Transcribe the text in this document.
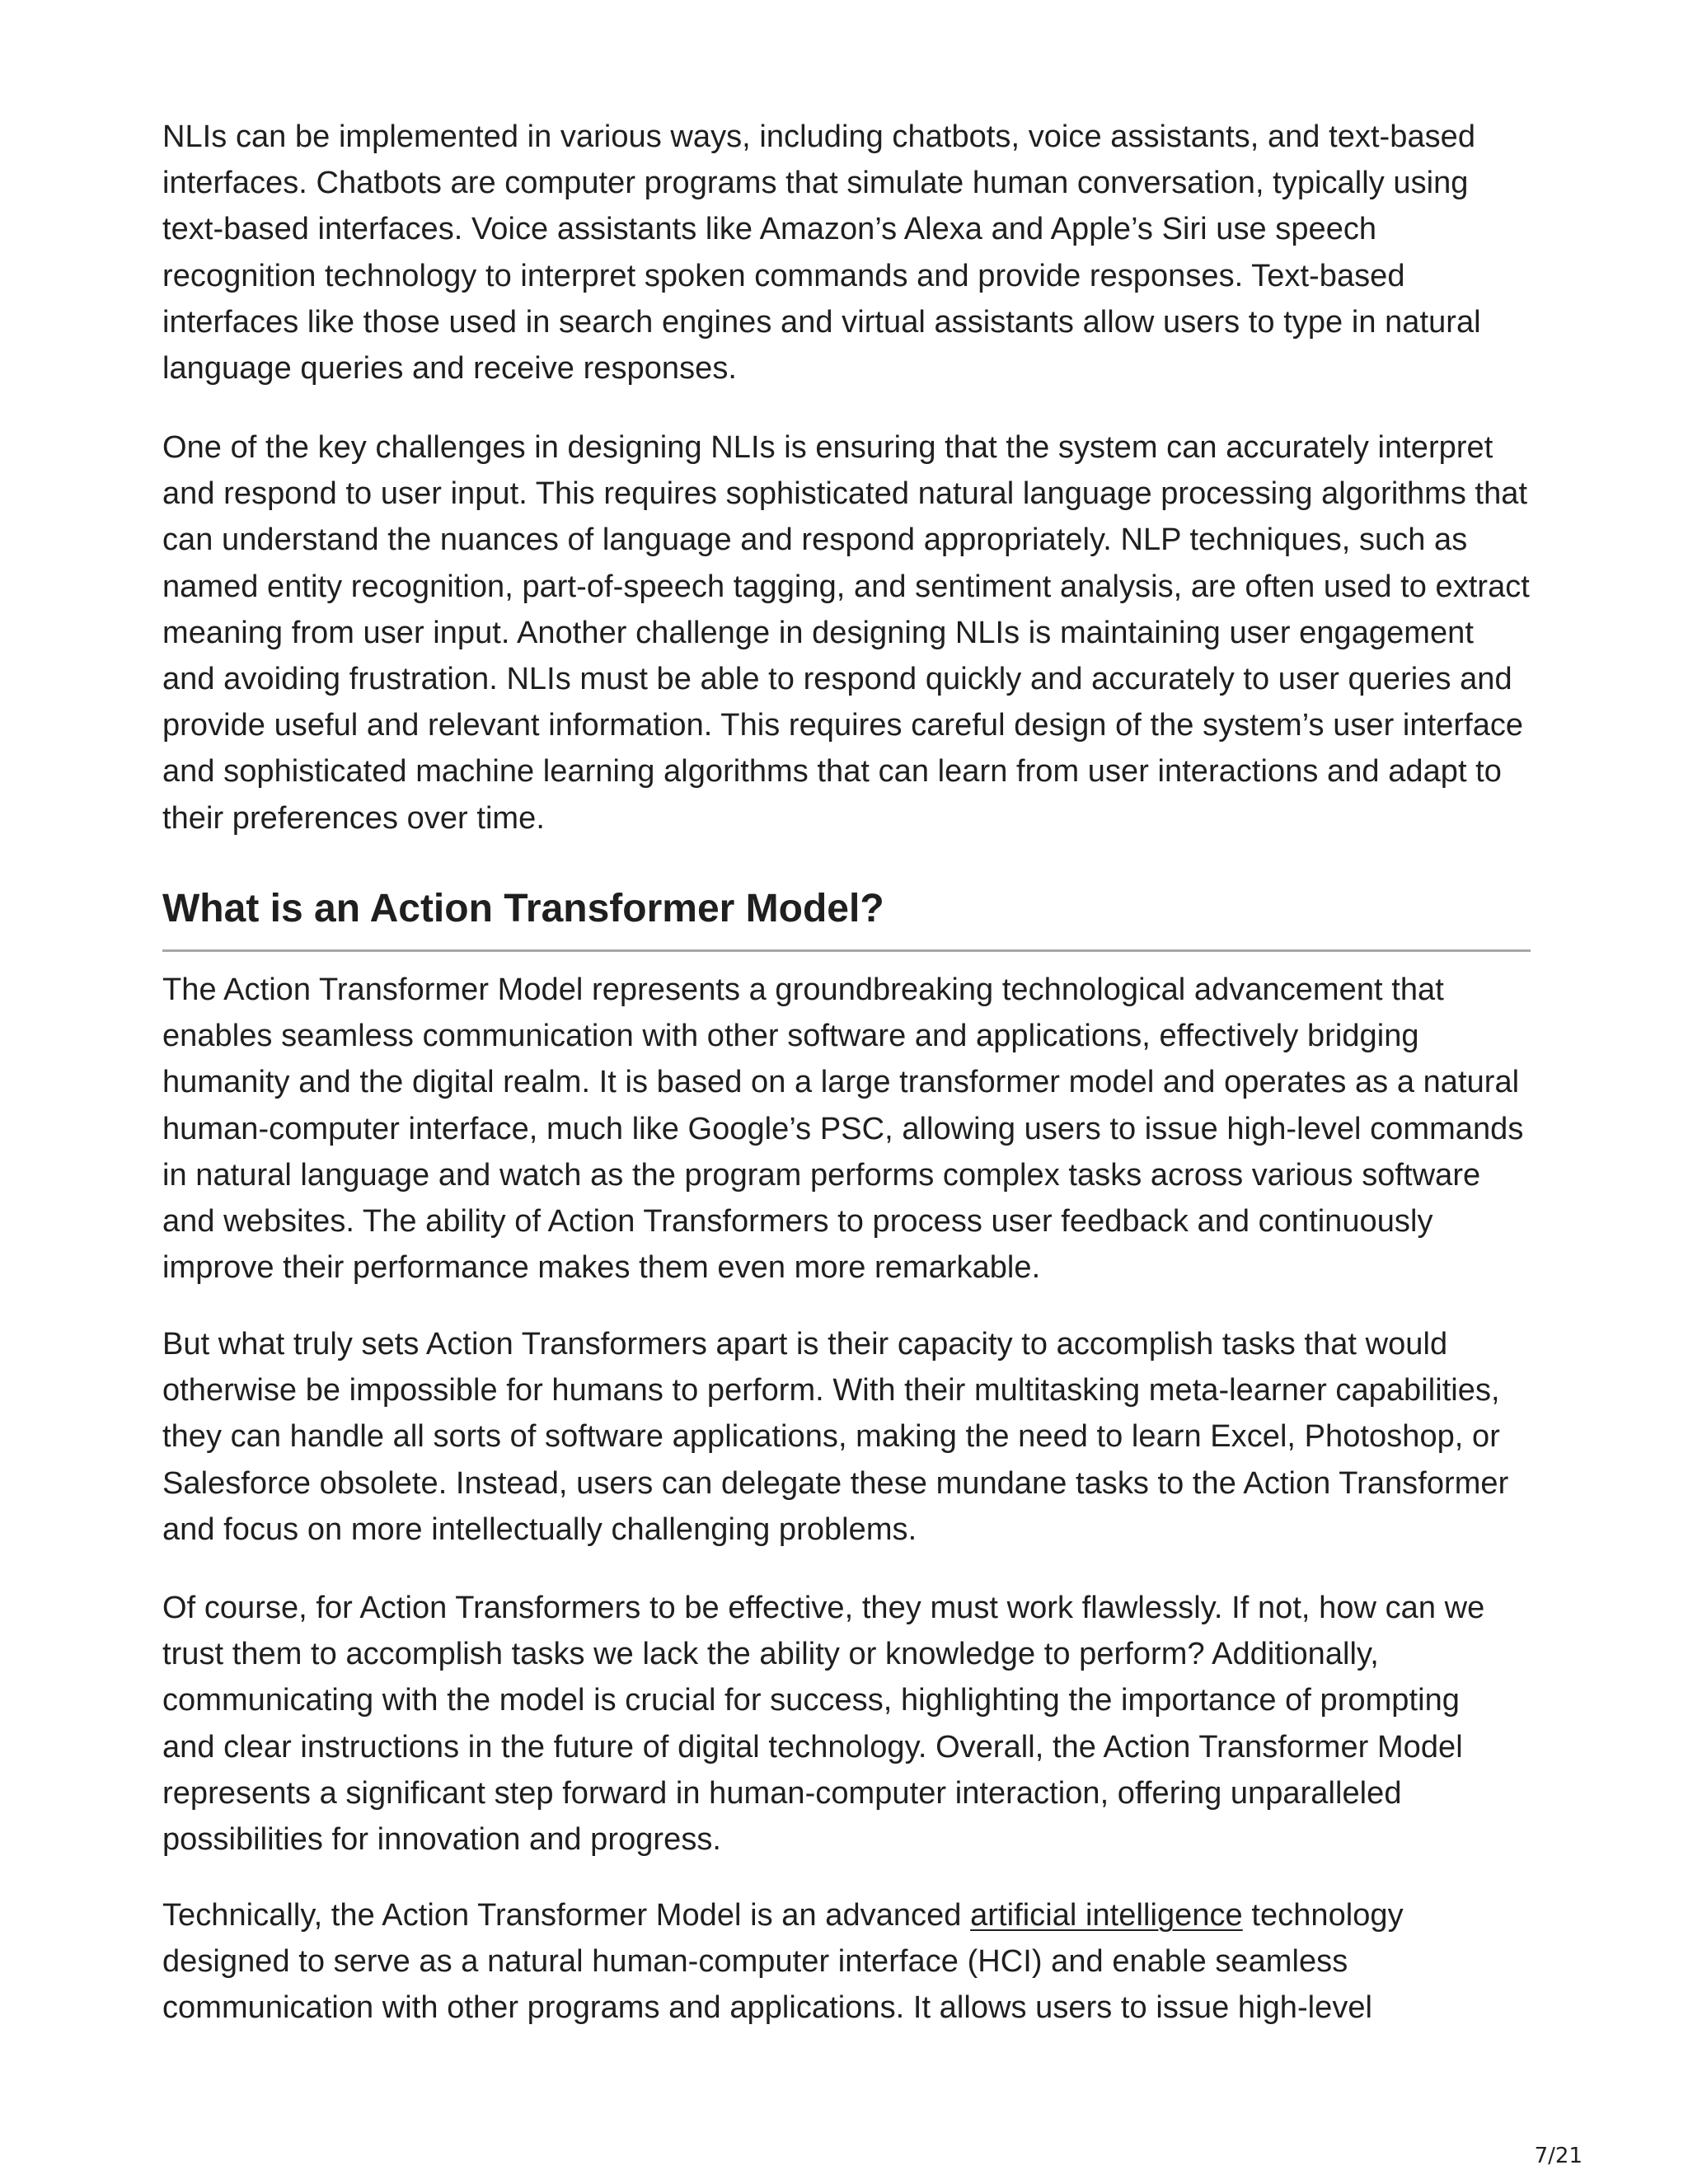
NLIs can be implemented in various ways, including chatbots, voice assistants, and text-based interfaces. Chatbots are computer programs that simulate human conversation, typically using text-based interfaces. Voice assistants like Amazon’s Alexa and Apple’s Siri use speech recognition technology to interpret spoken commands and provide responses. Text-based interfaces like those used in search engines and virtual assistants allow users to type in natural language queries and receive responses.

One of the key challenges in designing NLIs is ensuring that the system can accurately interpret and respond to user input. This requires sophisticated natural language processing algorithms that can understand the nuances of language and respond appropriately. NLP techniques, such as named entity recognition, part-of-speech tagging, and sentiment analysis, are often used to extract meaning from user input. Another challenge in designing NLIs is maintaining user engagement and avoiding frustration. NLIs must be able to respond quickly and accurately to user queries and provide useful and relevant information. This requires careful design of the system’s user interface and sophisticated machine learning algorithms that can learn from user interactions and adapt to their preferences over time.

What is an Action Transformer Model?

The Action Transformer Model represents a groundbreaking technological advancement that enables seamless communication with other software and applications, effectively bridging humanity and the digital realm. It is based on a large transformer model and operates as a natural human-computer interface, much like Google’s PSC, allowing users to issue high-level commands in natural language and watch as the program performs complex tasks across various software and websites. The ability of Action Transformers to process user feedback and continuously improve their performance makes them even more remarkable.

But what truly sets Action Transformers apart is their capacity to accomplish tasks that would otherwise be impossible for humans to perform. With their multitasking meta-learner capabilities, they can handle all sorts of software applications, making the need to learn Excel, Photoshop, or Salesforce obsolete. Instead, users can delegate these mundane tasks to the Action Transformer and focus on more intellectually challenging problems.

Of course, for Action Transformers to be effective, they must work flawlessly. If not, how can we trust them to accomplish tasks we lack the ability or knowledge to perform? Additionally, communicating with the model is crucial for success, highlighting the importance of prompting and clear instructions in the future of digital technology. Overall, the Action Transformer Model represents a significant step forward in human-computer interaction, offering unparalleled possibilities for innovation and progress.

Technically, the Action Transformer Model is an advanced artificial intelligence technology designed to serve as a natural human-computer interface (HCI) and enable seamless communication with other programs and applications. It allows users to issue high-level

7/21
